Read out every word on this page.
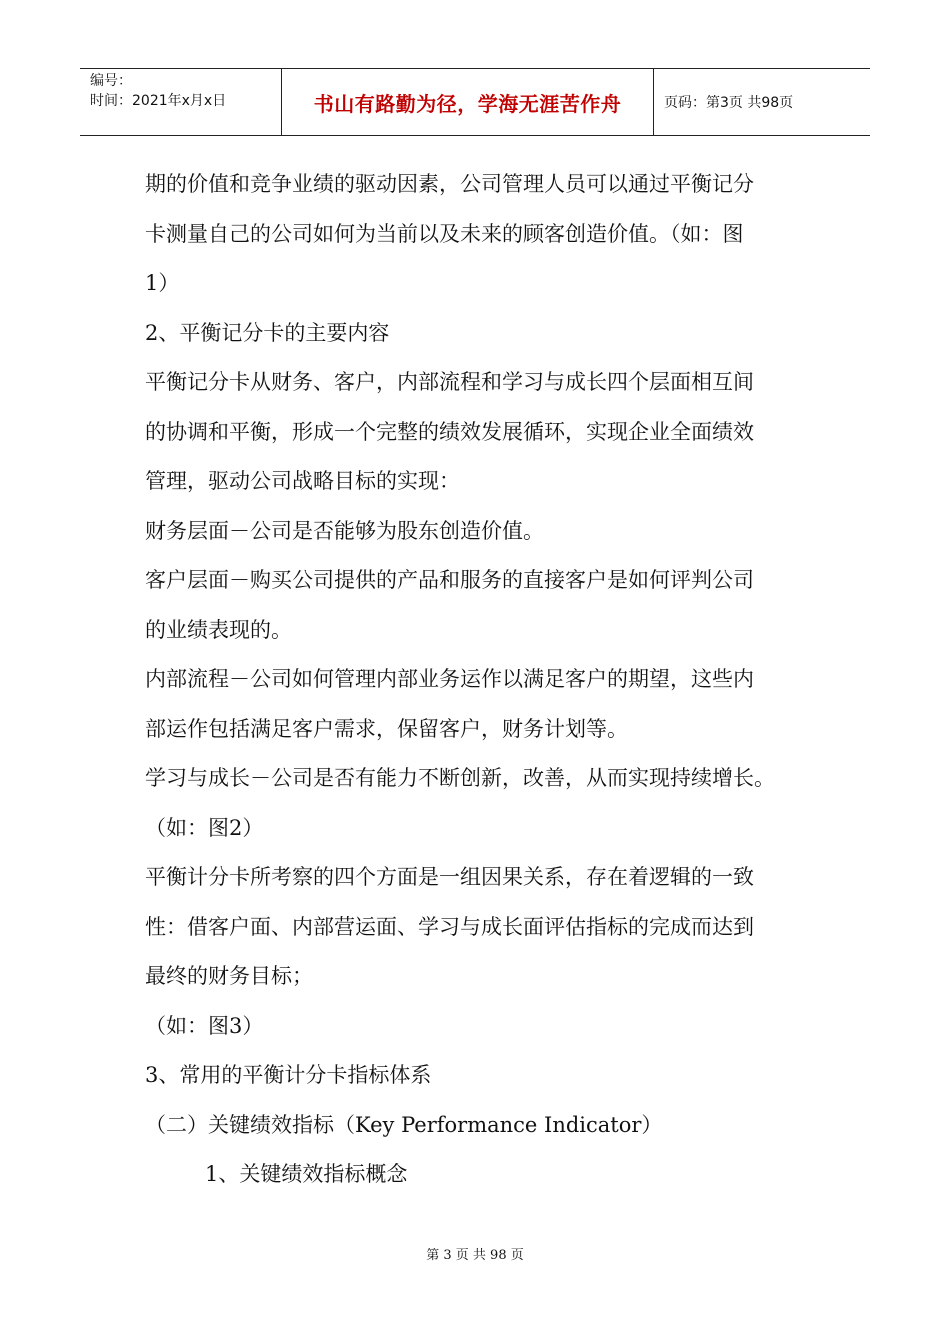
编号：
时间：2021年x月x日	书山有路勤为径，学海无涯苦作舟	页码：第3页 共98页

期的价值和竞争业绩的驱动因素，公司管理人员可以通过平衡记分

卡测量自己的公司如何为当前以及未来的顾客创造价值。（如：图

1）

2、平衡记分卡的主要内容

平衡记分卡从财务、客户，内部流程和学习与成长四个层面相互间

的协调和平衡，形成一个完整的绩效发展循环，实现企业全面绩效

管理，驱动公司战略目标的实现：

财务层面－公司是否能够为股东创造价值。

客户层面－购买公司提供的产品和服务的直接客户是如何评判公司

的业绩表现的。

内部流程－公司如何管理内部业务运作以满足客户的期望，这些内

部运作包括满足客户需求，保留客户，财务计划等。

学习与成长－公司是否有能力不断创新，改善，从而实现持续增长。

（如：图2）

平衡计分卡所考察的四个方面是一组因果关系，存在着逻辑的一致

性：借客户面、内部营运面、学习与成长面评估指标的完成而达到

最终的财务目标；

（如：图3）

3、常用的平衡计分卡指标体系

（二）关键绩效指标（Key Performance Indicator）

1、关键绩效指标概念

第 3 页 共 98 页
